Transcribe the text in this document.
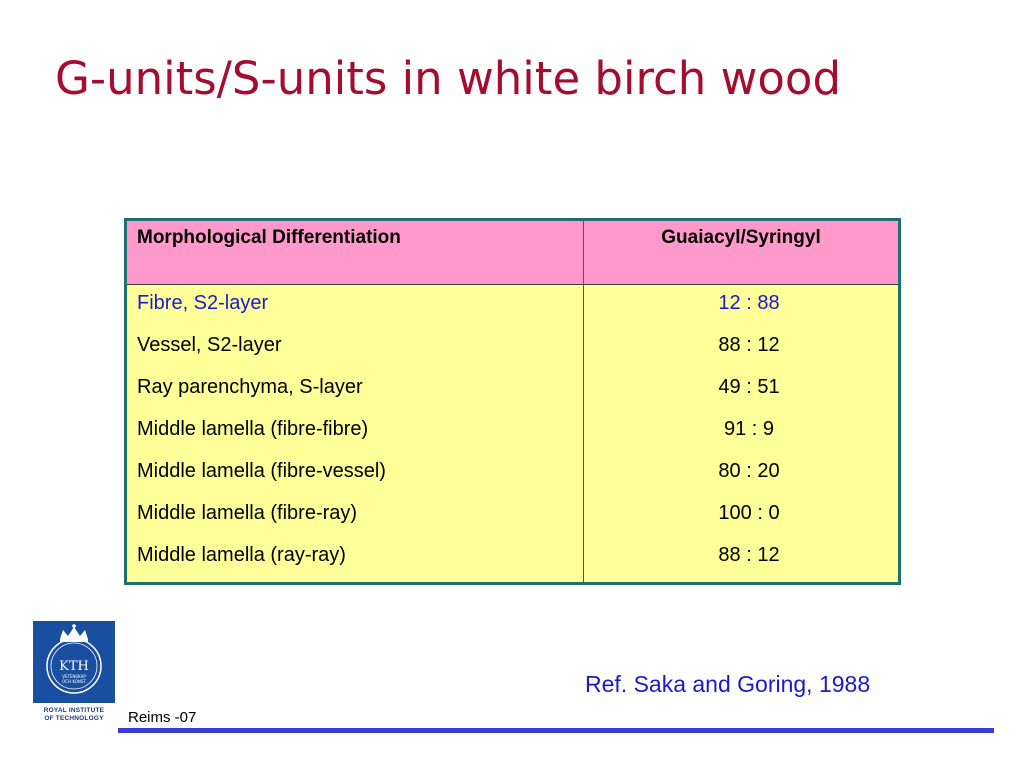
G-units/S-units in white birch wood
Morphological Differentiation	Guaiacyl/Syringyl
Fibre, S2-layer	12 : 88
Vessel, S2-layer	88 : 12
Ray parenchyma, S-layer	49 : 51
Middle lamella (fibre-fibre)	91 : 9
Middle lamella (fibre-vessel)	80 : 20
Middle lamella (fibre-ray)	100 : 0
Middle lamella (ray-ray)	88 : 12
KTH
VETENSKAP
OCH KONST
ROYAL INSTITUTE
OF TECHNOLOGY	Reims -07
Ref. Saka and Goring, 1988
